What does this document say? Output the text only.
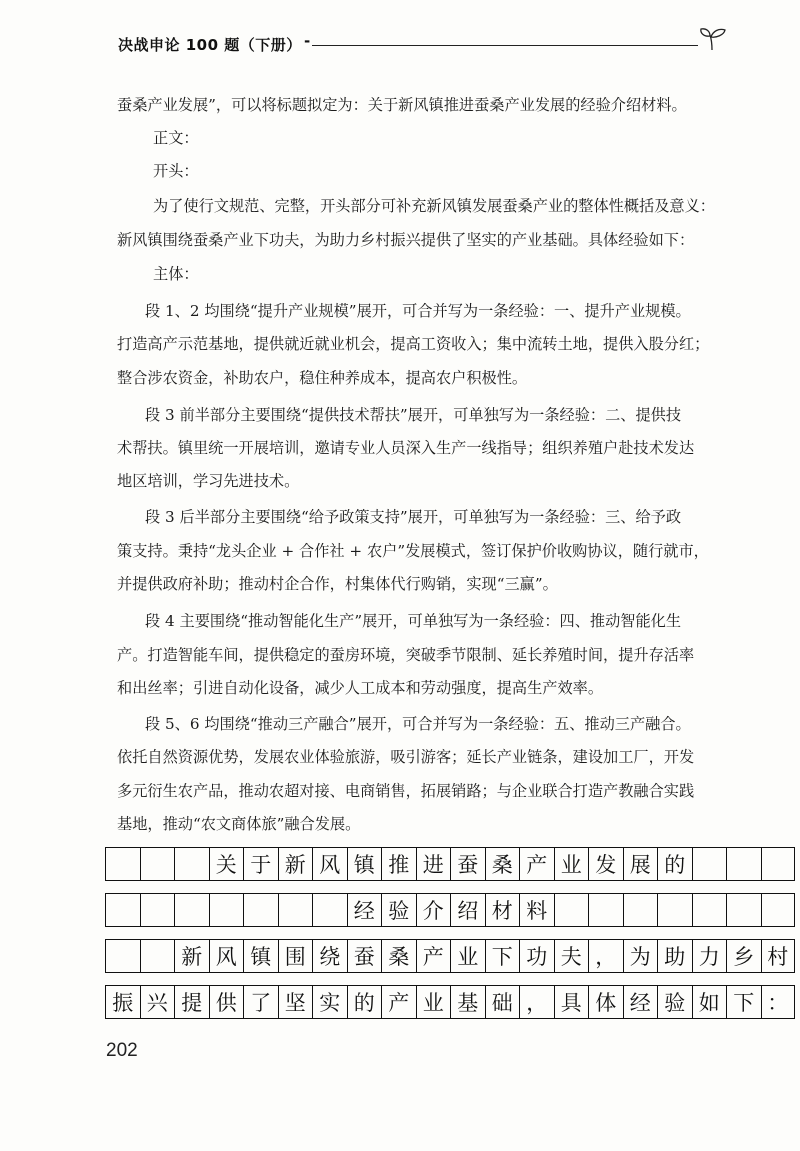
决战申论 100 题（下册） -
蚕桑产业发展”，可以将标题拟定为：关于新风镇推进蚕桑产业发展的经验介绍材料。
正文：
开头：
为了使行文规范、完整，开头部分可补充新风镇发展蚕桑产业的整体性概括及意义：
新风镇围绕蚕桑产业下功夫，为助力乡村振兴提供了坚实的产业基础。具体经验如下：
主体：
段 1、2 均围绕“提升产业规模”展开，可合并写为一条经验：一、提升产业规模。
打造高产示范基地，提供就近就业机会，提高工资收入；集中流转土地，提供入股分红；
整合涉农资金，补助农户，稳住种养成本，提高农户积极性。
段 3 前半部分主要围绕“提供技术帮扶”展开，可单独写为一条经验：二、提供技
术帮扶。镇里统一开展培训，邀请专业人员深入生产一线指导；组织养殖户赴技术发达
地区培训，学习先进技术。
段 3 后半部分主要围绕“给予政策支持”展开，可单独写为一条经验：三、给予政
策支持。秉持“龙头企业 + 合作社 + 农户”发展模式，签订保护价收购协议，随行就市，
并提供政府补助；推动村企合作，村集体代行购销，实现“三赢”。
段 4 主要围绕“推动智能化生产”展开，可单独写为一条经验：四、推动智能化生
产。打造智能车间，提供稳定的蚕房环境，突破季节限制、延长养殖时间，提升存活率
和出丝率；引进自动化设备，减少人工成本和劳动强度，提高生产效率。
段 5、6 均围绕“推动三产融合”展开，可合并写为一条经验：五、推动三产融合。
依托自然资源优势，发展农业体验旅游，吸引游客；延长产业链条，建设加工厂，开发
多元衍生农产品，推动农超对接、电商销售，拓展销路；与企业联合打造产教融合实践
基地，推动“农文商体旅”融合发展。
关 于 新 风 镇 推 进 蚕 桑 产 业 发 展 的
经 验 介 绍 材 料
新 风 镇 围 绕 蚕 桑 产 业 下 功 夫 ， 为 助 力 乡 村
振 兴 提 供 了 坚 实 的 产 业 基 础 ， 具 体 经 验 如 下 ：
202
